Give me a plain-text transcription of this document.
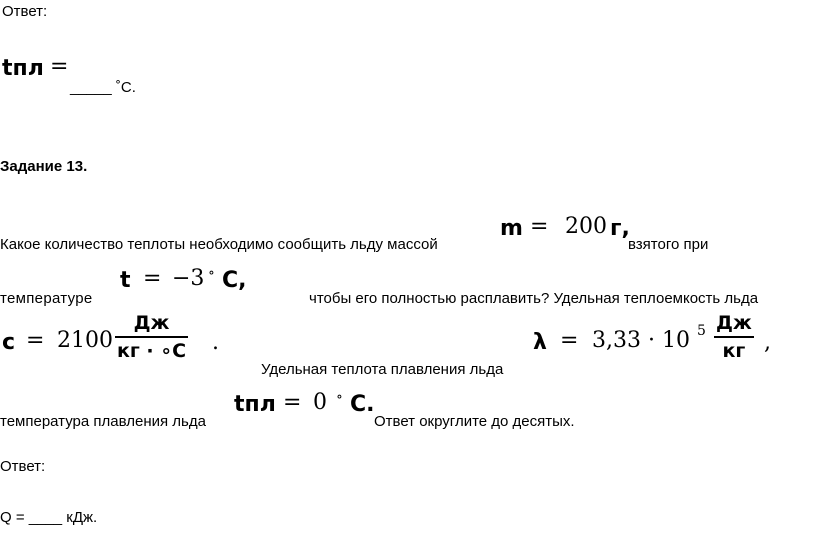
Ответ:
tпл =
_____ ˚С.
Задание 13.
Какое количество теплоты необходимо сообщить льду массой
m = 200 г,
взятого при
t = −3 ∘ С,
температуре	чтобы его полностью расплавить? Удельная теплоемкость льда
c = 2100
Дж
кг · ∘С .	λ = 3,33 · 10 5 Дж
кг ,
Удельная теплота плавления льда
температура плавления льда
tпл = 0 ∘ С.
Ответ округлите до десятых.
Ответ:
Q = ____ кДж.
